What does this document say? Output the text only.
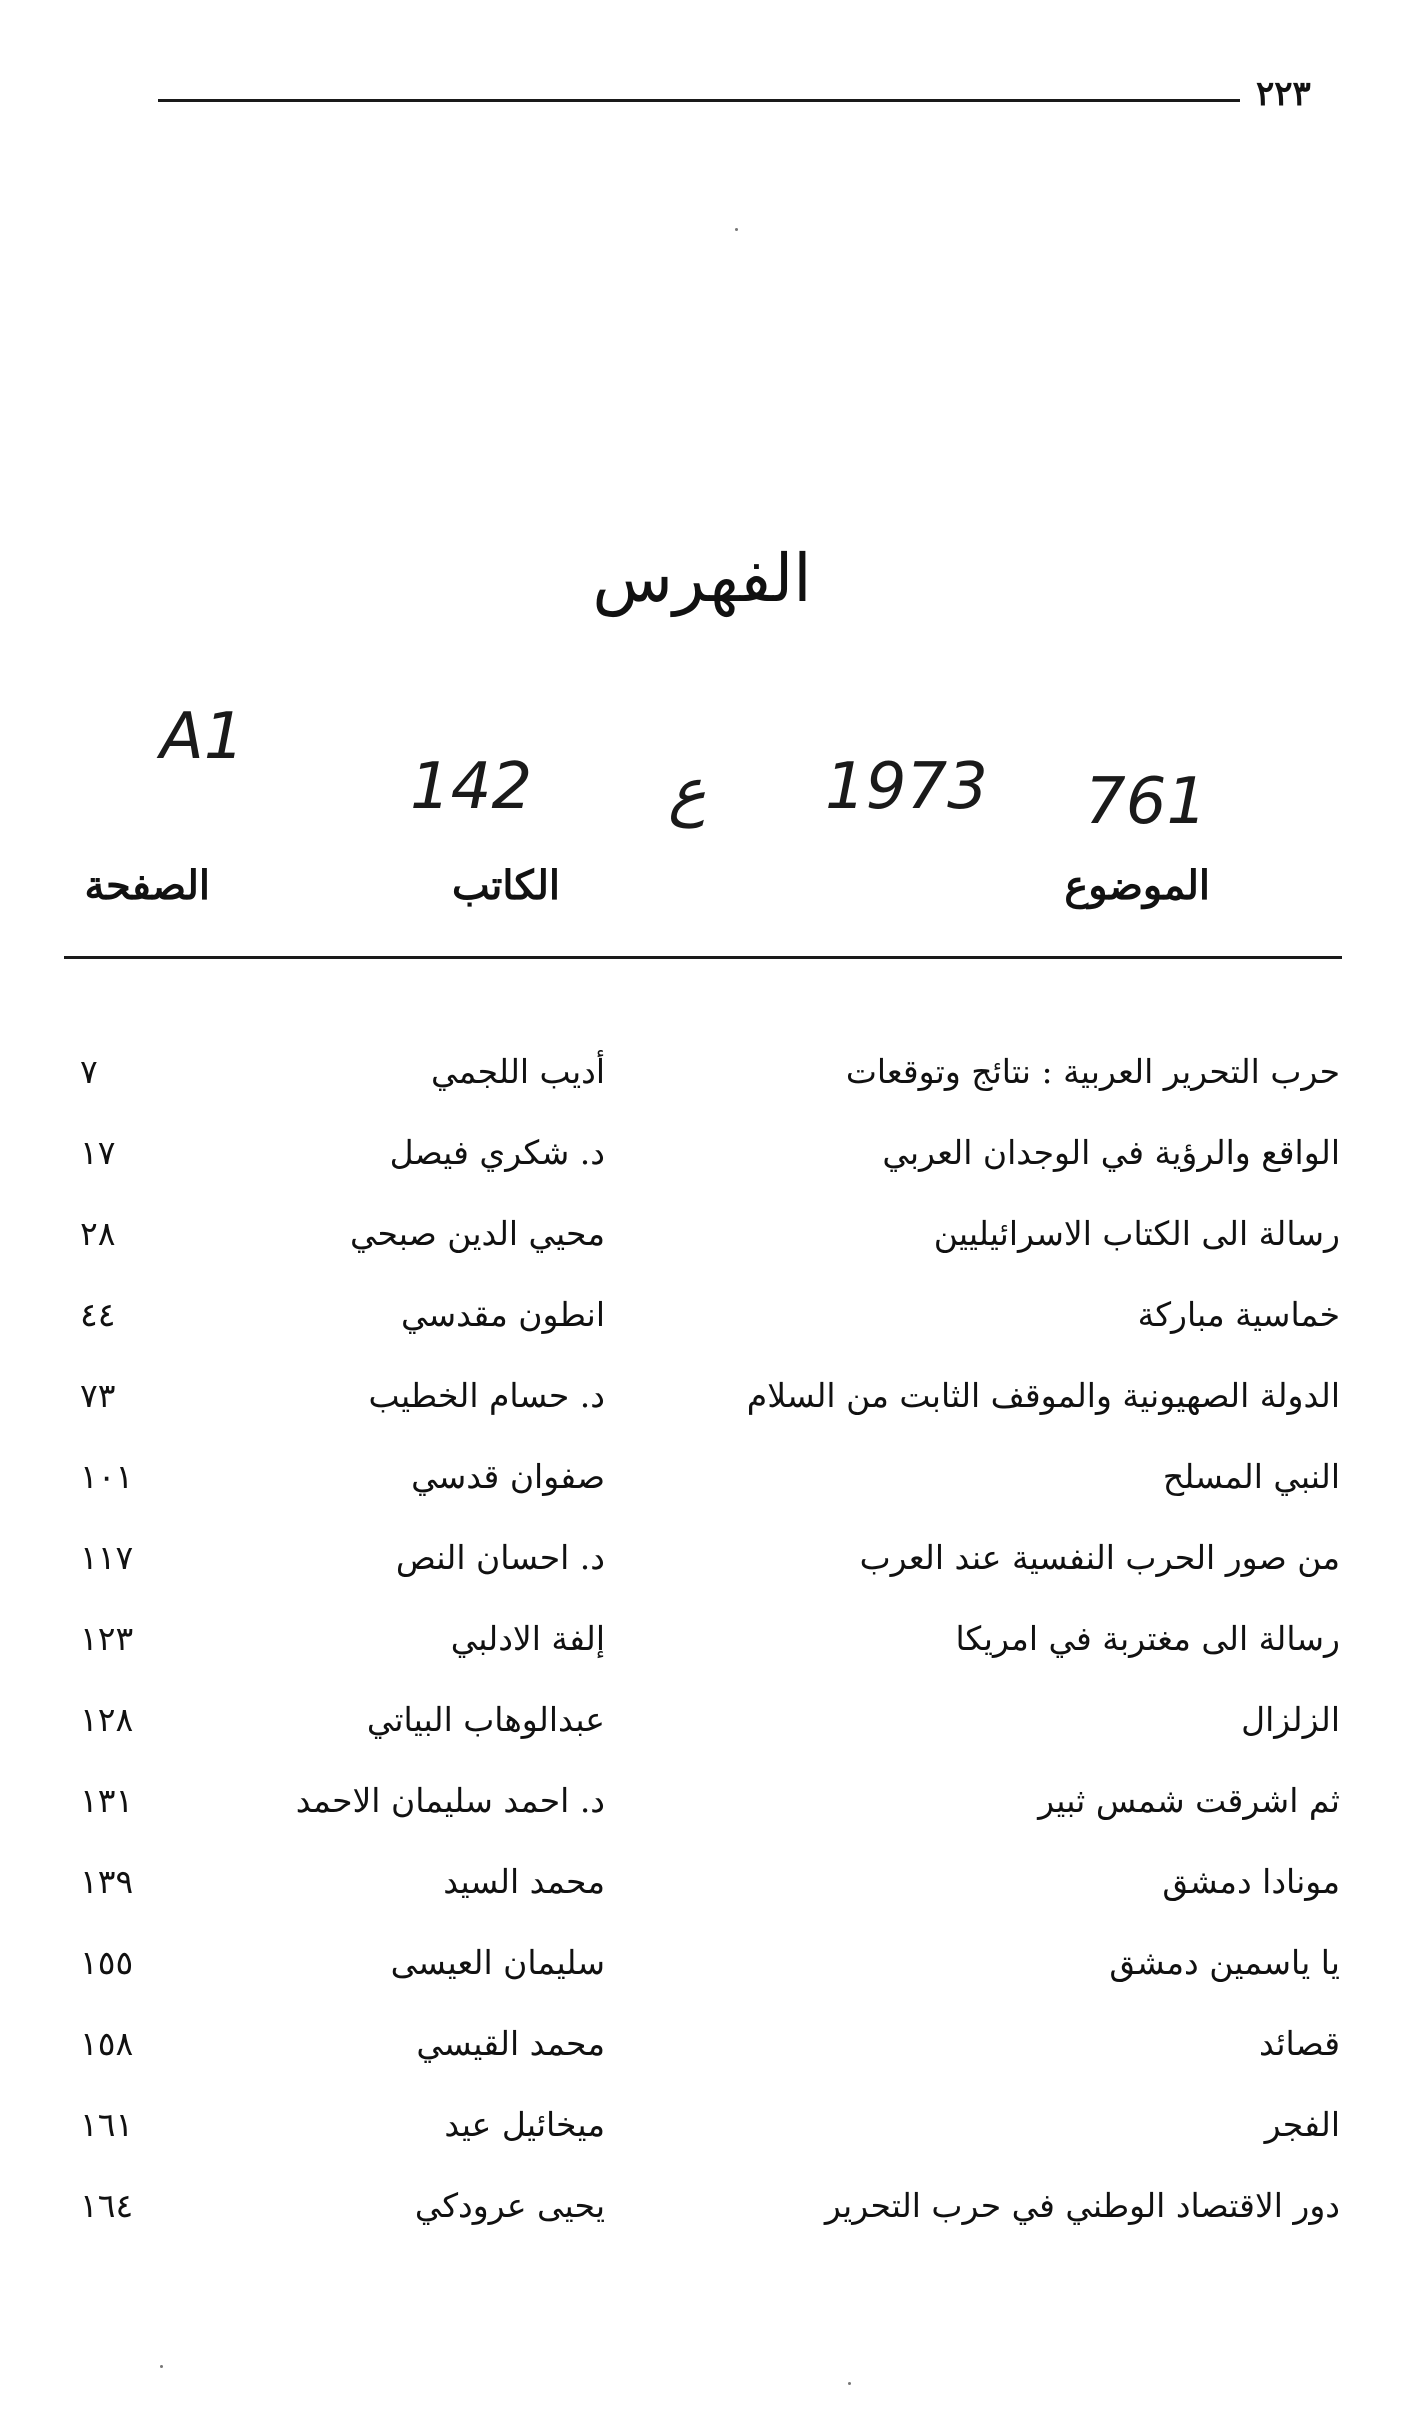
٢٢٣
الفهرس
A1
142 ع 1973 761
الموضوع
الكاتب
الصفحة
حرب التحرير العربية : نتائج وتوقعات
أديب اللجمي
٧
الواقع والرؤية في الوجدان العربي
د. شكري فيصل
١٧
رسالة الى الكتاب الاسرائيليين
محيي الدين صبحي
٢٨
خماسية مباركة
انطون مقدسي
٤٤
الدولة الصهيونية والموقف الثابت من السلام
د. حسام الخطيب
٧٣
النبي المسلح
صفوان قدسي
١٠١
من صور الحرب النفسية عند العرب
د. احسان النص
١١٧
رسالة الى مغتربة في امريكا
إلفة الادلبي
١٢٣
الزلزال
عبدالوهاب البياتي
١٢٨
ثم اشرقت شمس ثبير
د. احمد سليمان الاحمد
١٣١
مونادا دمشق
محمد السيد
١٣٩
يا ياسمين دمشق
سليمان العيسى
١٥٥
قصائد
محمد القيسي
١٥٨
الفجر
ميخائيل عيد
١٦١
دور الاقتصاد الوطني في حرب التحرير
يحيى عرودكي
١٦٤
